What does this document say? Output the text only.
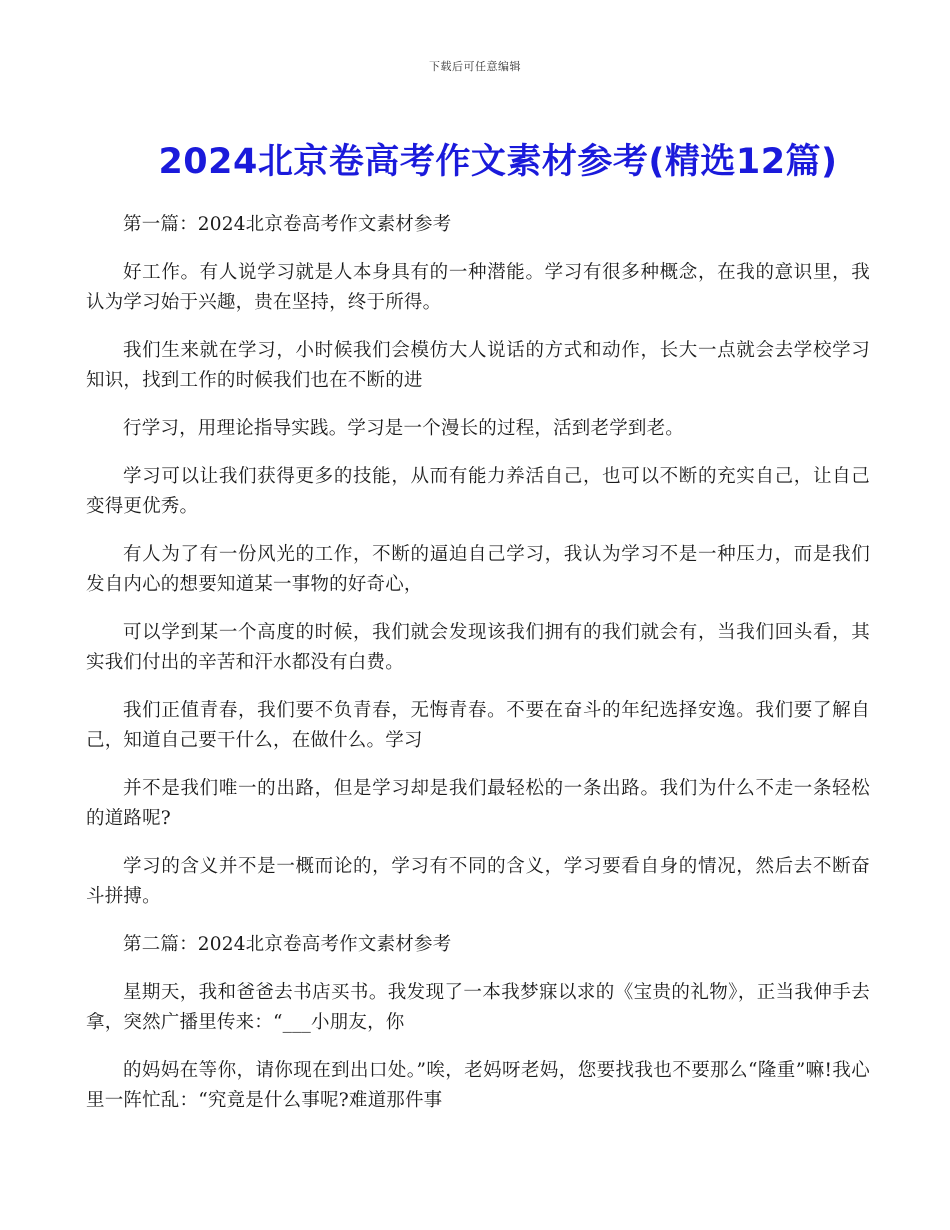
下载后可任意编辑
2024北京卷高考作文素材参考(精选12篇)

第一篇：2024北京卷高考作文素材参考

好工作。有人说学习就是人本身具有的一种潜能。学习有很多种概念，在我的意识里，我认为学习始于兴趣，贵在坚持，终于所得。

我们生来就在学习，小时候我们会模仿大人说话的方式和动作，长大一点就会去学校学习知识，找到工作的时候我们也在不断的进

行学习，用理论指导实践。学习是一个漫长的过程，活到老学到老。

学习可以让我们获得更多的技能，从而有能力养活自己，也可以不断的充实自己，让自己变得更优秀。

有人为了有一份风光的工作，不断的逼迫自己学习，我认为学习不是一种压力，而是我们发自内心的想要知道某一事物的好奇心，

可以学到某一个高度的时候，我们就会发现该我们拥有的我们就会有，当我们回头看，其实我们付出的辛苦和汗水都没有白费。

我们正值青春，我们要不负青春，无悔青春。不要在奋斗的年纪选择安逸。我们要了解自己，知道自己要干什么，在做什么。学习

并不是我们唯一的出路，但是学习却是我们最轻松的一条出路。我们为什么不走一条轻松的道路呢?

学习的含义并不是一概而论的，学习有不同的含义，学习要看自身的情况，然后去不断奋斗拼搏。

第二篇：2024北京卷高考作文素材参考

星期天，我和爸爸去书店买书。我发现了一本我梦寐以求的《宝贵的礼物》，正当我伸手去拿，突然广播里传来：“___小朋友，你

的妈妈在等你，请你现在到出口处。”唉，老妈呀老妈，您要找我也不要那么“隆重”嘛!我心里一阵忙乱：“究竟是什么事呢?难道那件事
